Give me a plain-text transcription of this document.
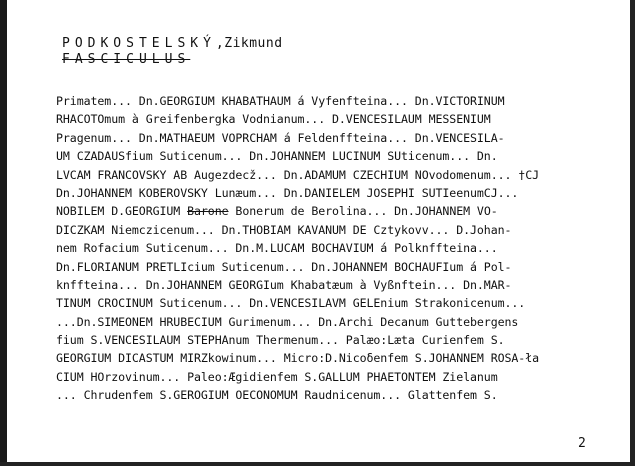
PODKOSTELSKÝ,Zikmund
FASCICULUS
Primatem... Dn.GEORGIUM KHABATHAUM á Vyfenfteina... Dn.VICTORINUM
RHACOTOmum à Greifenbergka Vodnianum... D.VENCESILAUM MESSENIUM
Pragenum... Dn.MATHAEUM VOPRCHAM á Feldenffteina... Dn.VENCESILA-
UM CZADAUSfium Suticenum... Dn.JOHANNEM LUCINUM SUticenum... Dn.
LVCAM FRANCOVSKY AB Augezdecž... Dn.ADAMUM CZECHIUM NOvodomenum... †CJ
Dn.JOHANNEM KOBEROVSKY Lunæum... Dn.DANIELEM JOSEPHI SUTIeenumCJ...
NOBILEM D.GEORGIUM Barone Bonerum de Berolina... Dn.JOHANNEM VO-
DICZKAM Niemczicenum... Dn.THOBIAM KAVANUM DE Cztykovv... D.Johan-
nem Rofacium Suticenum... Dn.M.LUCAM BOCHAVIUM á Polknffteina...
Dn.FLORIANUM PRETLIcium Suticenum... Dn.JOHANNEM BOCHAUFIum á Pol-
knffteina... Dn.JOHANNEM GEORGIum Khabatæum à Vyßnftein... Dn.MAR-
TINUM CROCINUM Suticenum... Dn.VENCESILAVM GELEnium Strakonicenum...
...Dn.SIMEONEM HRUBECIUM Gurimenum... Dn.Archi Decanum Guttebergens
fium S.VENCESILAUM STEPHAnum Thermenum... Palæo:Læta Curienfem S.
GEORGIUM DICASTUM MIRZkowinum... Micro:D.Nicoδenfem S.JOHANNEM ROSA-ła
CIUM HOrzovinum... Paleo:Ægidienfem S.GALLUM PHAETONTEM Zielanum
... Chrudenfem S.GEROGIUM OECONOMUM Raudnicenum... Glattenfem S.
2
